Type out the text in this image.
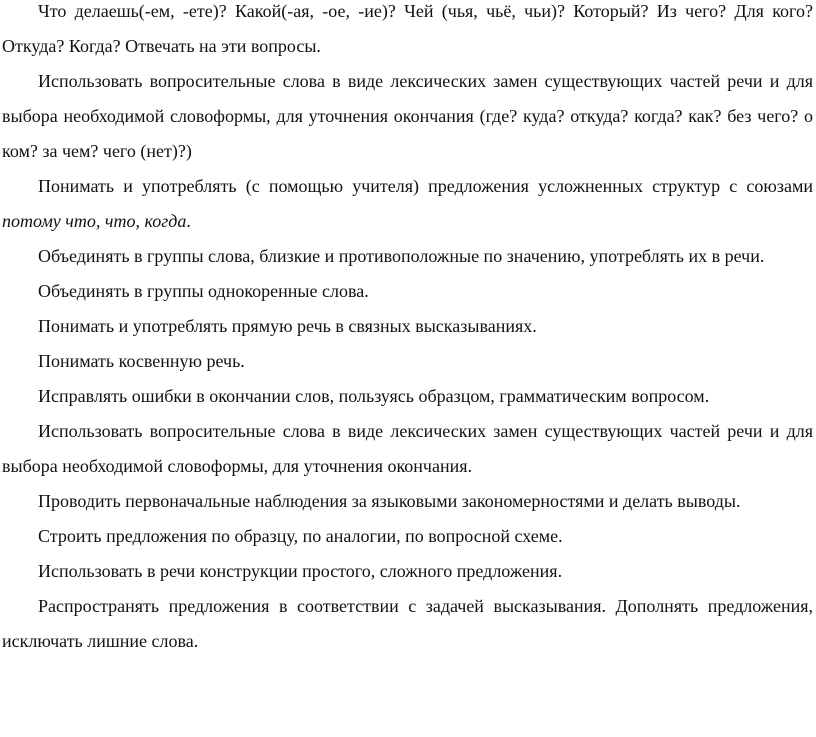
Что делаешь(-ем, -ете)? Какой(-ая, -ое, -ие)? Чей (чья, чьё, чьи)? Который? Из чего? Для кого? Откуда? Когда? Отвечать на эти вопросы.

Использовать вопросительные слова в виде лексических замен существующих частей речи и для выбора необходимой словоформы, для уточнения окончания (где? куда? откуда? когда? как? без чего? о ком? за чем? чего (нет)?)

Понимать и употреблять (с помощью учителя) предложения усложненных структур с союзами потому что, что, когда.

Объединять в группы слова, близкие и противоположные по значению, употреблять их в речи.

Объединять в группы однокоренные слова.

Понимать и употреблять прямую речь в связных высказываниях.

Понимать косвенную речь.

Исправлять ошибки в окончании слов, пользуясь образцом, грамматическим вопросом.

Использовать вопросительные слова в виде лексических замен существующих частей речи и для выбора необходимой словоформы, для уточнения окончания.

Проводить первоначальные наблюдения за языковыми закономерностями и делать выводы.

Строить предложения по образцу, по аналогии, по вопросной схеме.

Использовать в речи конструкции простого, сложного предложения.

Распространять предложения в соответствии с задачей высказывания. Дополнять предложения, исключать лишние слова.
